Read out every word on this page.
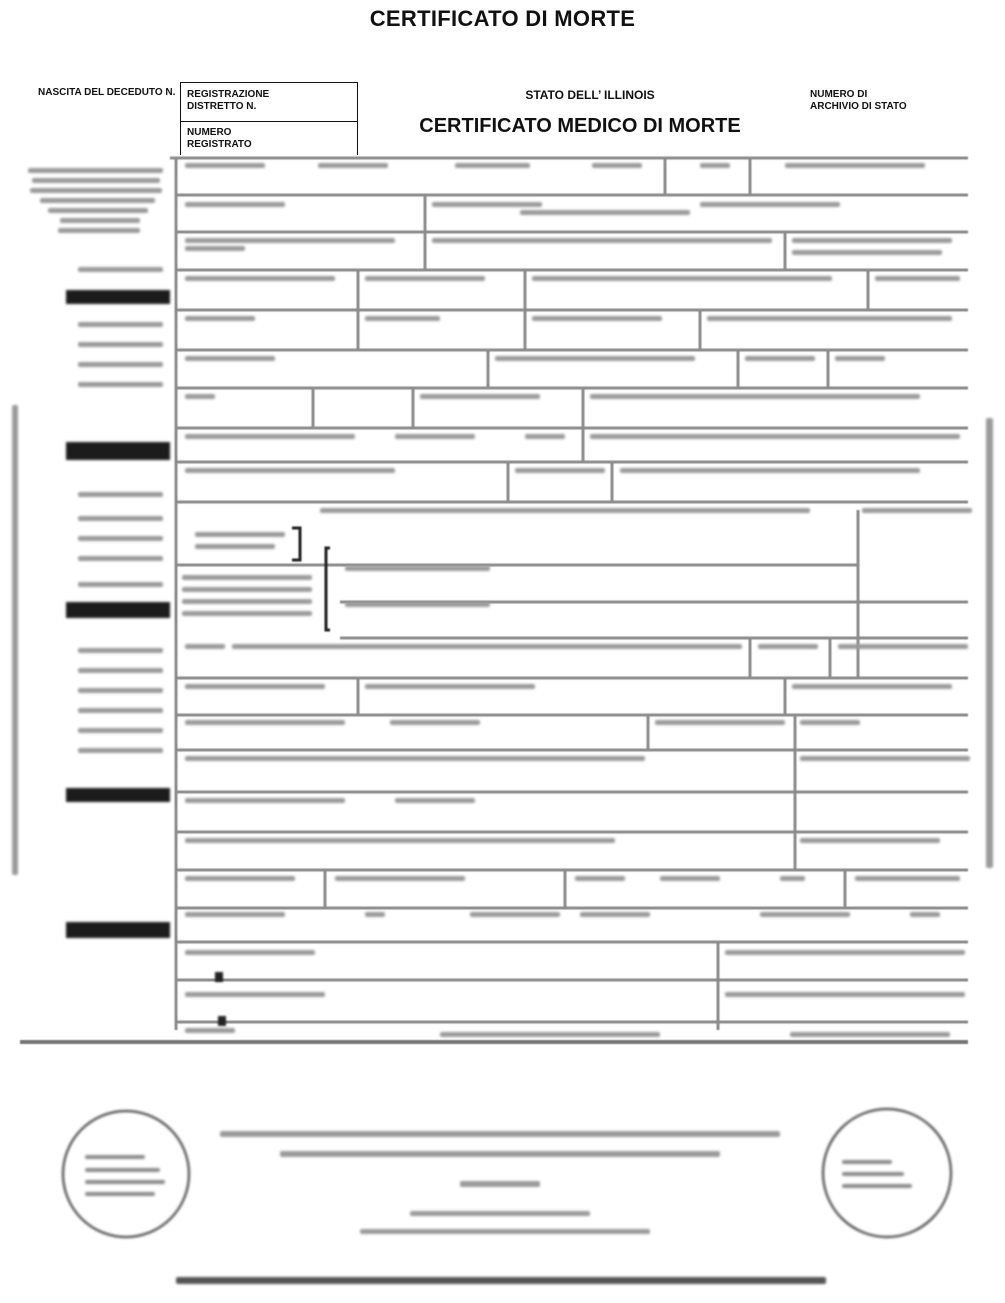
CERTIFICATO DI MORTE
NASCITA DEL DECEDUTO N. REGISTRAZIONE
DISTRETTO N.
NUMERO
REGISTRATO
STATO DELL’ ILLINOIS
CERTIFICATO MEDICO DI MORTE
NUMERO DI
ARCHIVIO DI STATO
